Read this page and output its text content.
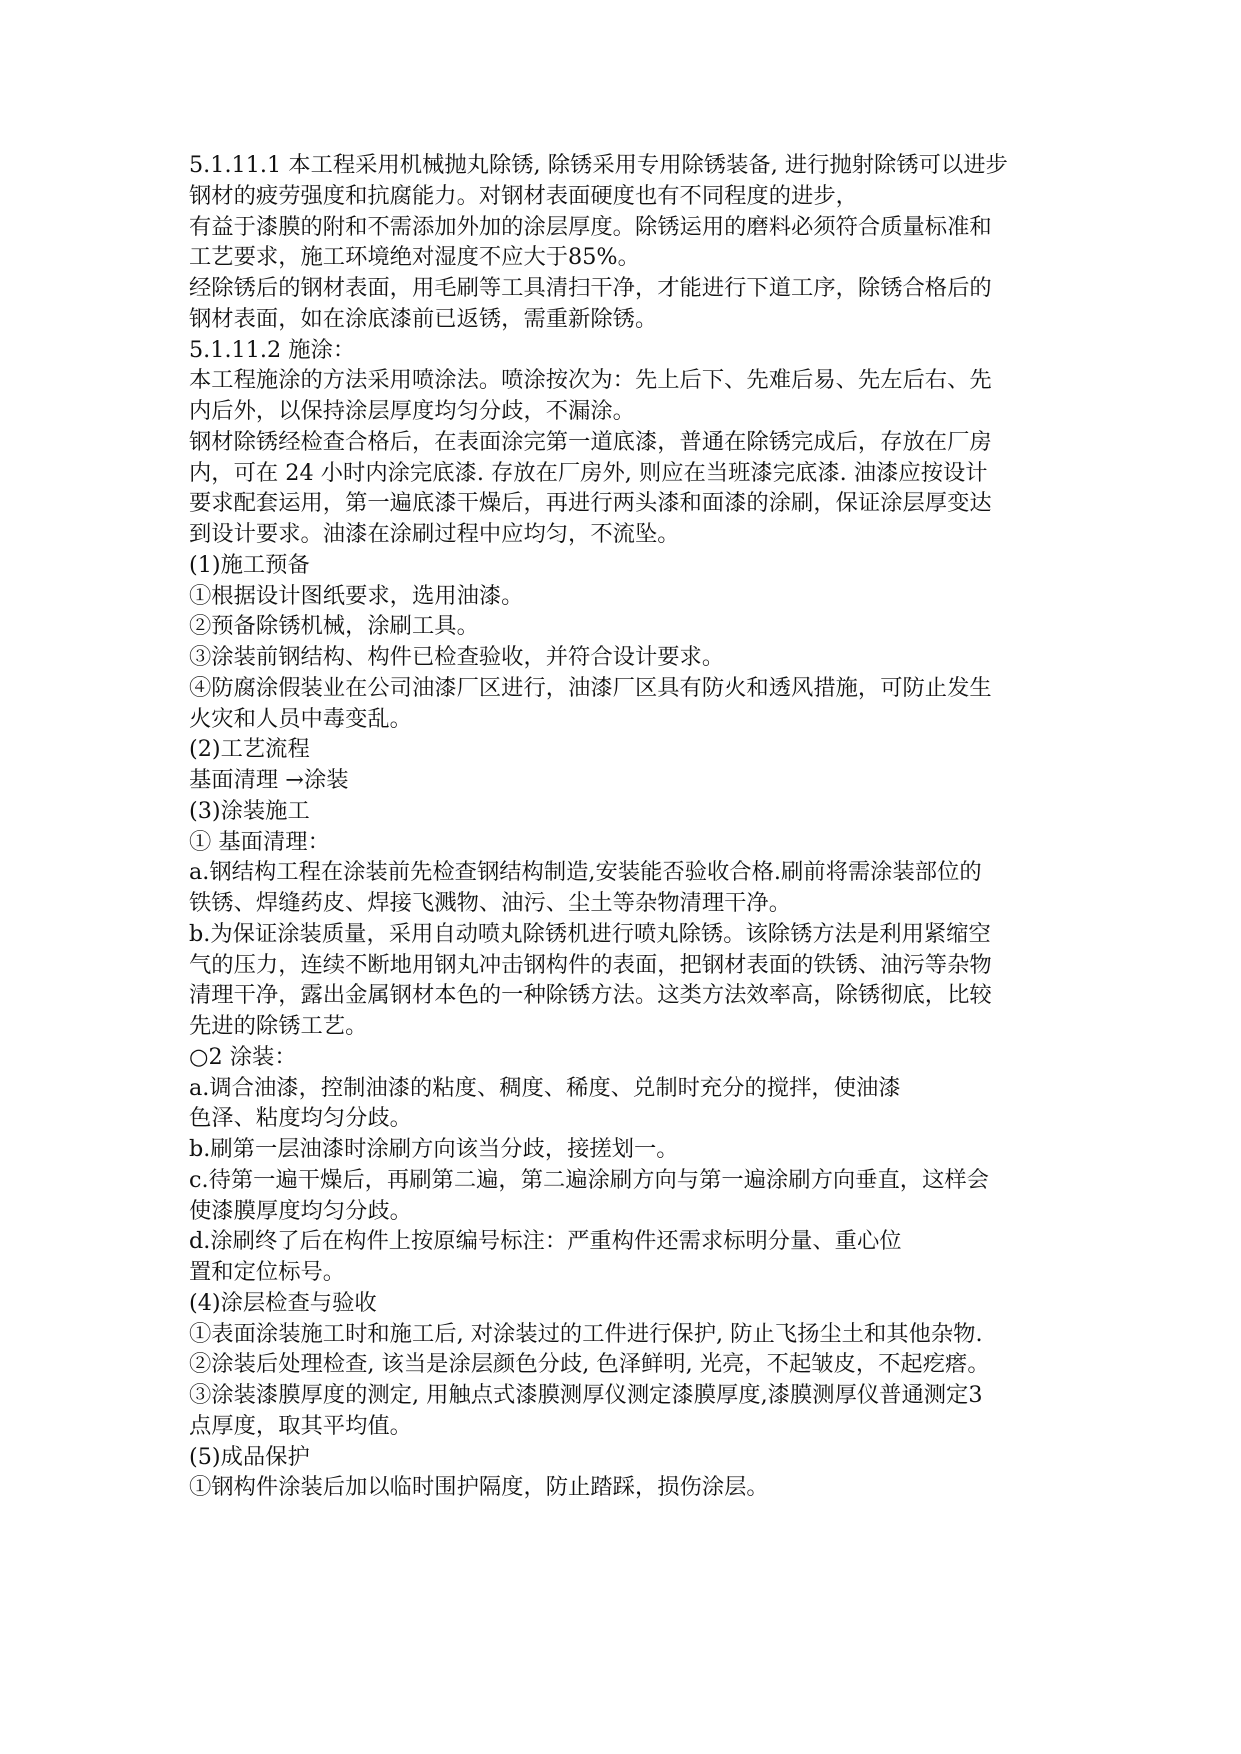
5.1.11.1 本工程采用机械抛丸除锈, 除锈采用专用除锈装备, 进行抛射除锈可以进步

钢材的疲劳强度和抗腐能力。对钢材表面硬度也有不同程度的进步，

有益于漆膜的附和不需添加外加的涂层厚度。除锈运用的磨料必须符合质量标准和

工艺要求，施工环境绝对湿度不应大于85%。

经除锈后的钢材表面，用毛刷等工具清扫干净，才能进行下道工序，除锈合格后的

钢材表面，如在涂底漆前已返锈，需重新除锈。

5.1.11.2 施涂：

本工程施涂的方法采用喷涂法。喷涂按次为：先上后下、先难后易、先左后右、先

内后外，以保持涂层厚度均匀分歧，不漏涂。

钢材除锈经检查合格后，在表面涂完第一道底漆，普通在除锈完成后，存放在厂房

内，可在 24 小时内涂完底漆. 存放在厂房外, 则应在当班漆完底漆. 油漆应按设计

要求配套运用，第一遍底漆干燥后，再进行两头漆和面漆的涂刷，保证涂层厚变达

到设计要求。油漆在涂刷过程中应均匀，不流坠。

(1)施工预备

①根据设计图纸要求，选用油漆。

②预备除锈机械，涂刷工具。

③涂装前钢结构、构件已检查验收，并符合设计要求。

④防腐涂假装业在公司油漆厂区进行，油漆厂区具有防火和透风措施，可防止发生

火灾和人员中毒变乱。

(2)工艺流程

基面清理 →涂装

(3)涂装施工

① 基面清理：

a.钢结构工程在涂装前先检查钢结构制造,安装能否验收合格.刷前将需涂装部位的

铁锈、焊缝药皮、焊接飞溅物、油污、尘土等杂物清理干净。

b.为保证涂装质量，采用自动喷丸除锈机进行喷丸除锈。该除锈方法是利用紧缩空

气的压力，连续不断地用钢丸冲击钢构件的表面，把钢材表面的铁锈、油污等杂物

清理干净，露出金属钢材本色的一种除锈方法。这类方法效率高，除锈彻底，比较

先进的除锈工艺。

○2 涂装：

a.调合油漆，控制油漆的粘度、稠度、稀度、兑制时充分的搅拌，使油漆

色泽、粘度均匀分歧。

b.刷第一层油漆时涂刷方向该当分歧，接搓划一。

c.待第一遍干燥后，再刷第二遍，第二遍涂刷方向与第一遍涂刷方向垂直，这样会

使漆膜厚度均匀分歧。

d.涂刷终了后在构件上按原编号标注：严重构件还需求标明分量、重心位

置和定位标号。

(4)涂层检查与验收

①表面涂装施工时和施工后, 对涂装过的工件进行保护, 防止飞扬尘土和其他杂物.

②涂装后处理检查, 该当是涂层颜色分歧, 色泽鲜明, 光亮，不起皱皮，不起疙瘩。

③涂装漆膜厚度的测定, 用触点式漆膜测厚仪测定漆膜厚度,漆膜测厚仪普通测定3

点厚度，取其平均值。

(5)成品保护

①钢构件涂装后加以临时围护隔度，防止踏踩，损伤涂层。
